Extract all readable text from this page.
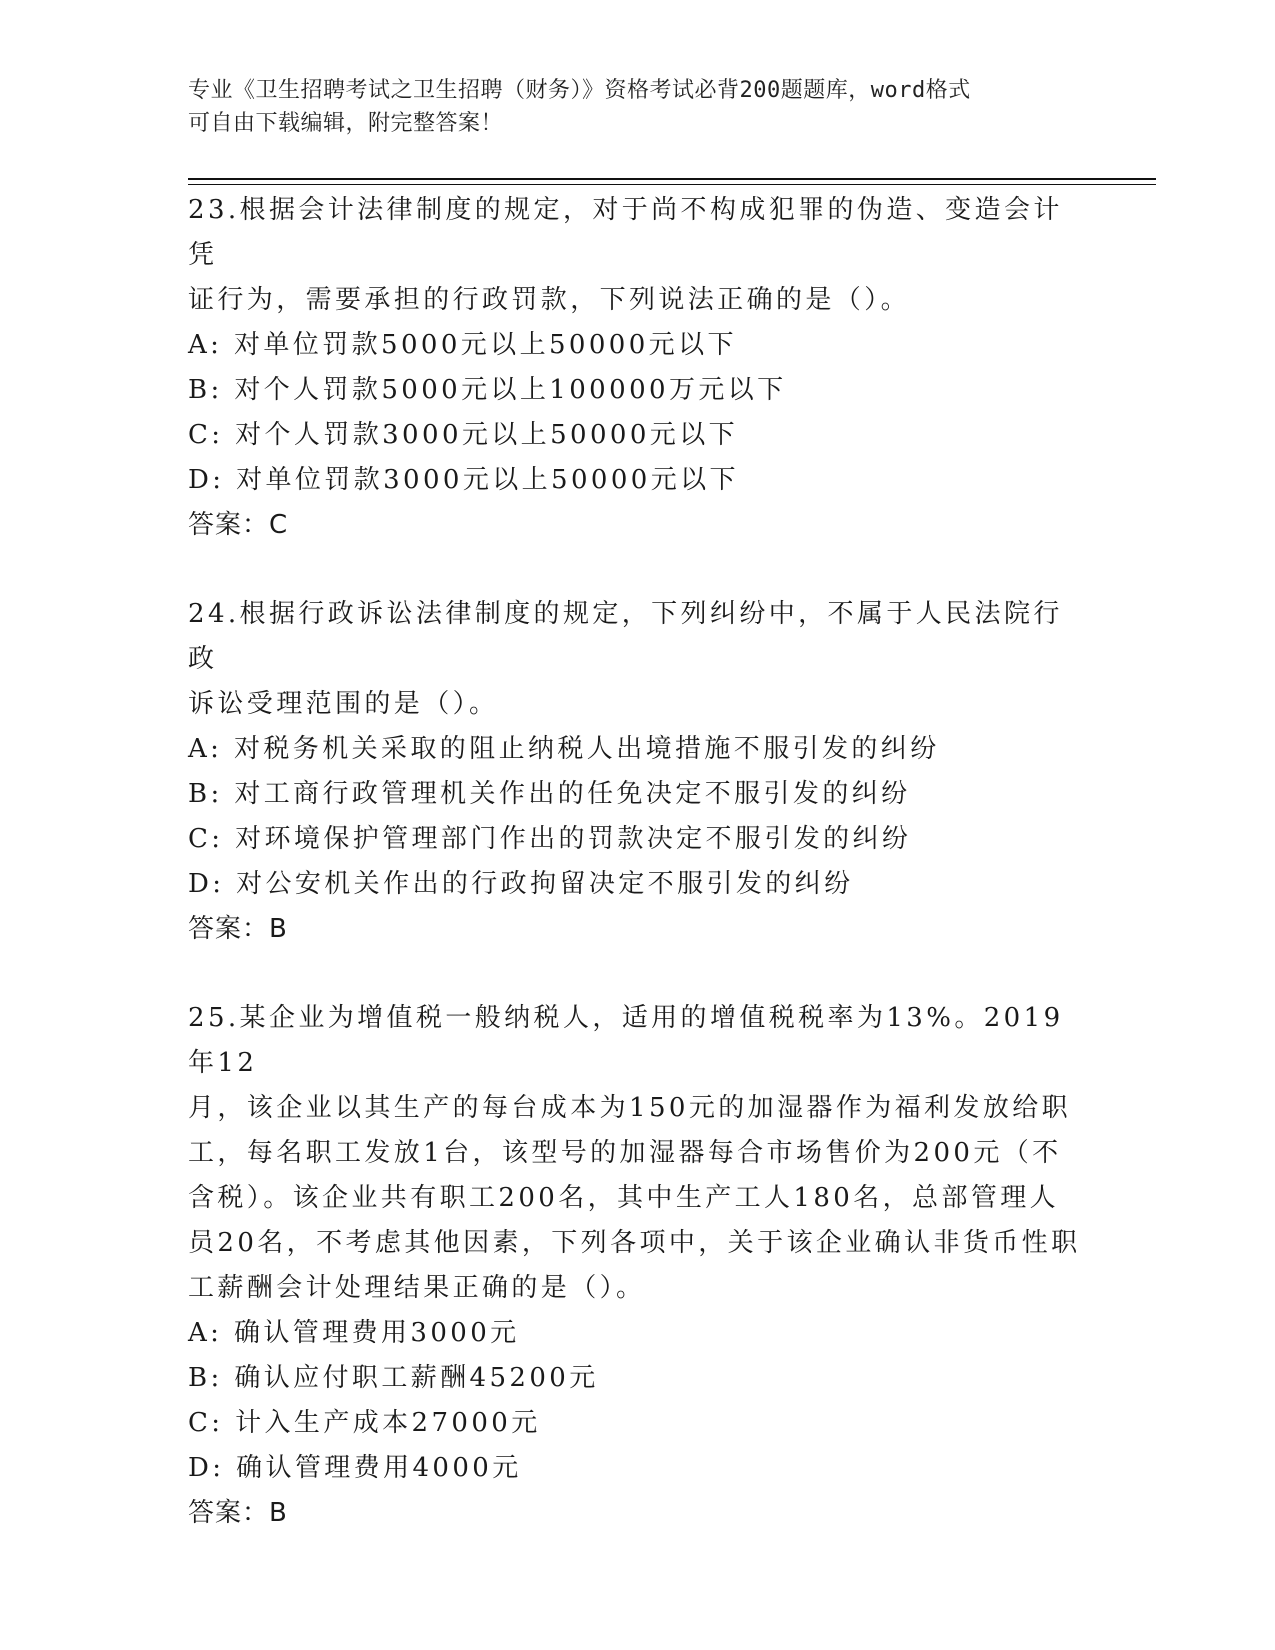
专业《卫生招聘考试之卫生招聘（财务）》资格考试必背200题题库，word格式
可自由下载编辑，附完整答案！

23.根据会计法律制度的规定，对于尚不构成犯罪的伪造、变造会计凭

证行为，需要承担的行政罚款，下列说法正确的是（）。

A: 对单位罚款5000元以上50000元以下

B: 对个人罚款5000元以上100000万元以下

C: 对个人罚款3000元以上50000元以下

D: 对单位罚款3000元以上50000元以下

答案：C

24.根据行政诉讼法律制度的规定，下列纠纷中，不属于人民法院行政

诉讼受理范围的是（）。

A: 对税务机关采取的阻止纳税人出境措施不服引发的纠纷

B: 对工商行政管理机关作出的任免决定不服引发的纠纷

C: 对环境保护管理部门作出的罚款决定不服引发的纠纷

D: 对公安机关作出的行政拘留决定不服引发的纠纷

答案：B

25.某企业为增值税一般纳税人，适用的增值税税率为13%。2019年12

月，该企业以其生产的每台成本为150元的加湿器作为福利发放给职

工，每名职工发放1台，该型号的加湿器每合市场售价为200元（不

含税）。该企业共有职工200名，其中生产工人180名，总部管理人

员20名，不考虑其他因素，下列各项中，关于该企业确认非货币性职

工薪酬会计处理结果正确的是（）。

A: 确认管理费用3000元

B: 确认应付职工薪酬45200元

C: 计入生产成本27000元

D: 确认管理费用4000元

答案：B
